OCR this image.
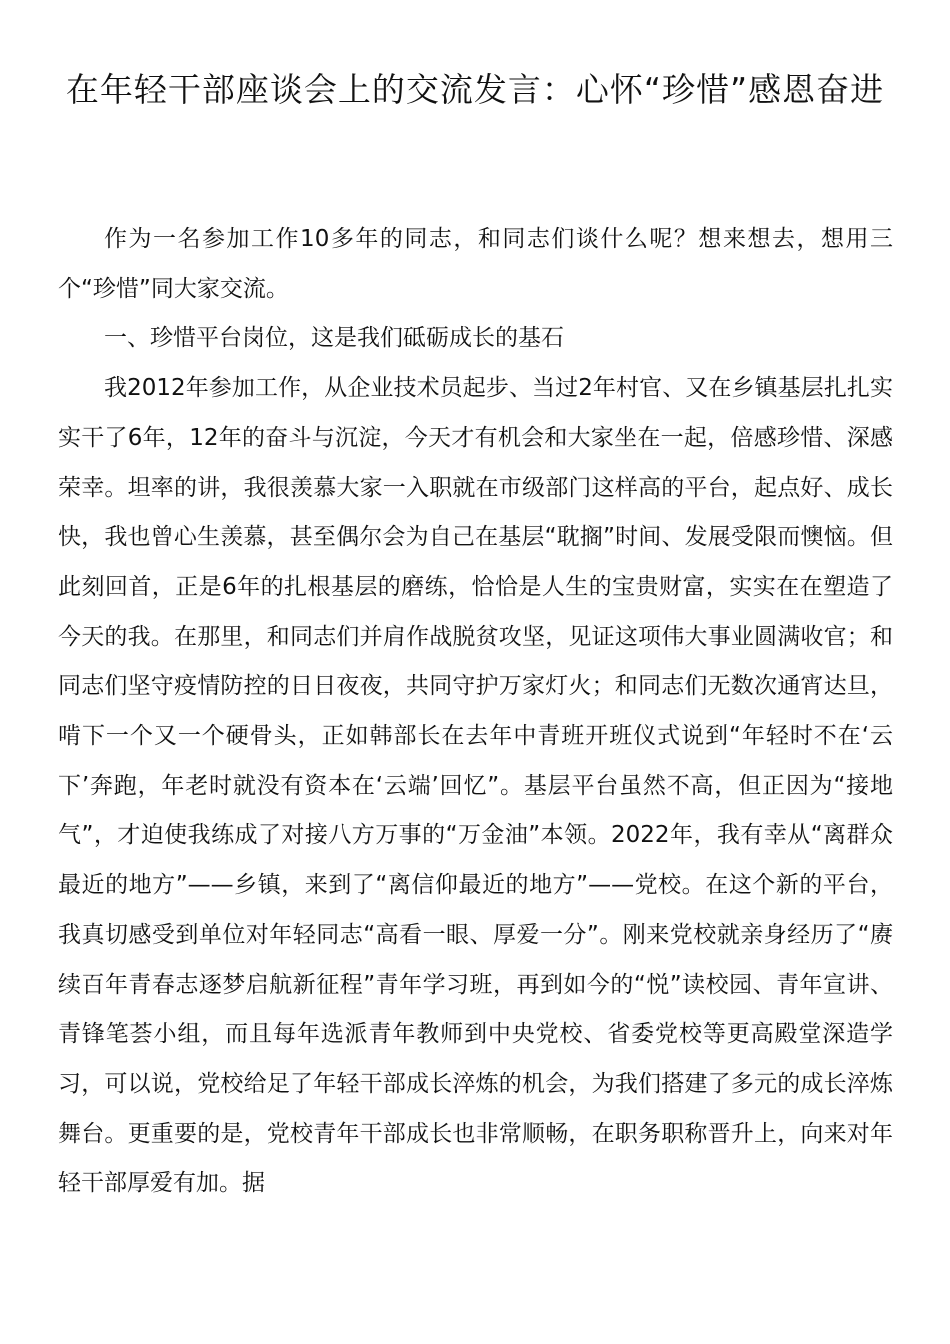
在年轻干部座谈会上的交流发言：心怀“珍惜”感恩奋进

作为一名参加工作10多年的同志，和同志们谈什么呢？想来想去，想用三个“珍惜”同大家交流。

一、珍惜平台岗位，这是我们砥砺成长的基石

我2012年参加工作，从企业技术员起步、当过2年村官、又在乡镇基层扎扎实实干了6年，12年的奋斗与沉淀，今天才有机会和大家坐在一起，倍感珍惜、深感荣幸。坦率的讲，我很羡慕大家一入职就在市级部门这样高的平台，起点好、成长快，我也曾心生羡慕，甚至偶尔会为自己在基层“耽搁”时间、发展受限而懊恼。但此刻回首，正是6年的扎根基层的磨练，恰恰是人生的宝贵财富，实实在在塑造了今天的我。在那里，和同志们并肩作战脱贫攻坚，见证这项伟大事业圆满收官；和同志们坚守疫情防控的日日夜夜，共同守护万家灯火；和同志们无数次通宵达旦，啃下一个又一个硬骨头，正如韩部长在去年中青班开班仪式说到“年轻时不在‘云下’奔跑，年老时就没有资本在‘云端’回忆”。基层平台虽然不高，但正因为“接地气”，才迫使我练成了对接八方万事的“万金油”本领。2022年，我有幸从“离群众最近的地方”——乡镇，来到了“离信仰最近的地方”——党校。在这个新的平台，我真切感受到单位对年轻同志“高看一眼、厚爱一分”。刚来党校就亲身经历了“赓续百年青春志逐梦启航新征程”青年学习班，再到如今的“悦”读校园、青年宣讲、青锋笔荟小组，而且每年选派青年教师到中央党校、省委党校等更高殿堂深造学习，可以说，党校给足了年轻干部成长淬炼的机会，为我们搭建了多元的成长淬炼舞台。更重要的是，党校青年干部成长也非常顺畅，在职务职称晋升上，向来对年轻干部厚爱有加。据
